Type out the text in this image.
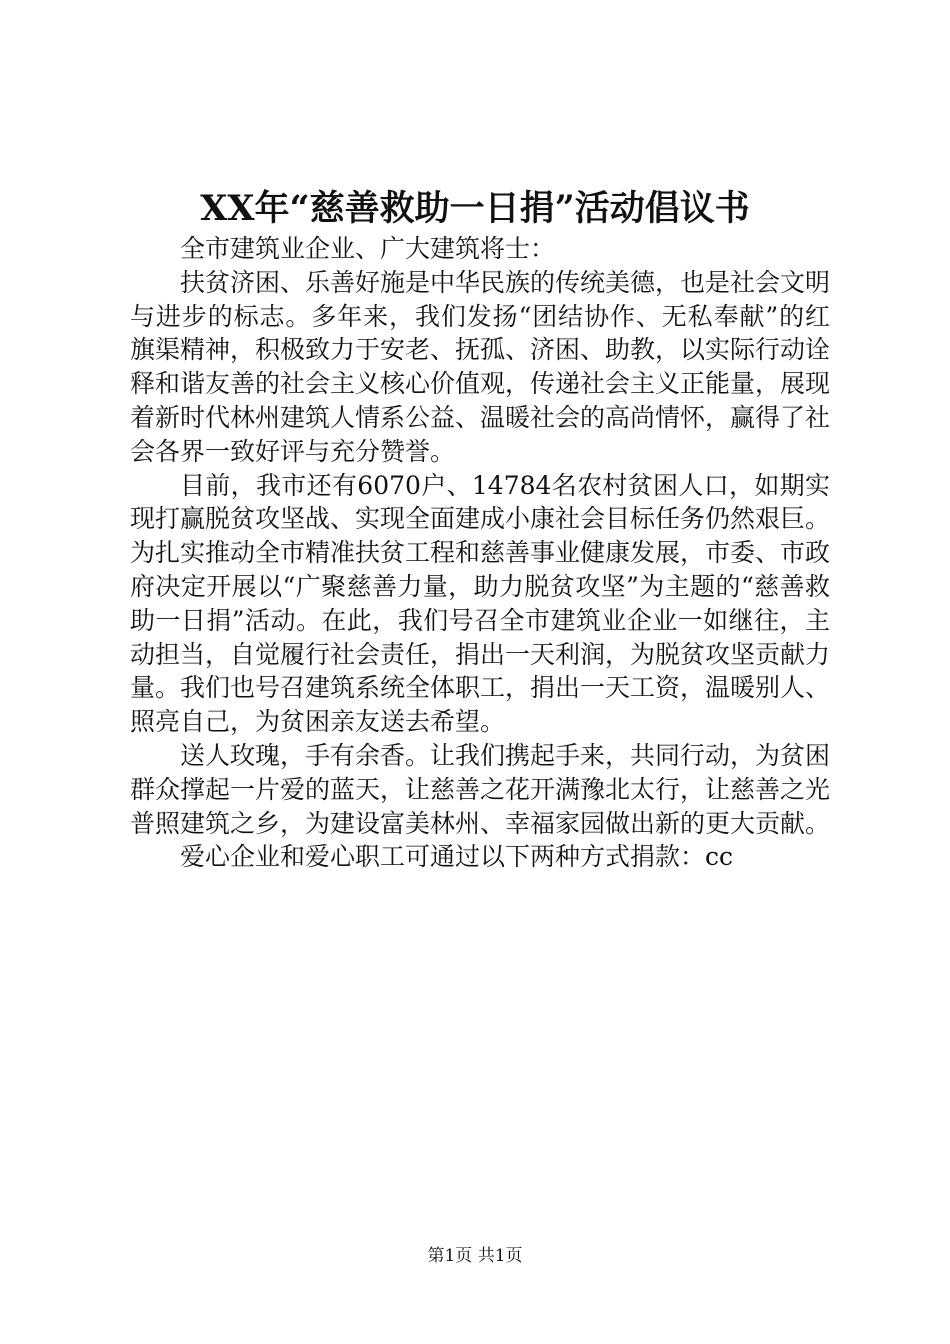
XX年“慈善救助一日捐”活动倡议书

全市建筑业企业、广大建筑将士：

扶贫济困、乐善好施是中华民族的传统美德，也是社会文明与进步的标志。多年来，我们发扬“团结协作、无私奉献”的红旗渠精神，积极致力于安老、抚孤、济困、助教，以实际行动诠释和谐友善的社会主义核心价值观，传递社会主义正能量，展现着新时代林州建筑人情系公益、温暖社会的高尚情怀，赢得了社会各界一致好评与充分赞誉。

目前，我市还有6070户、14784名农村贫困人口，如期实现打赢脱贫攻坚战、实现全面建成小康社会目标任务仍然艰巨。为扎实推动全市精准扶贫工程和慈善事业健康发展，市委、市政府决定开展以“广聚慈善力量，助力脱贫攻坚”为主题的“慈善救助一日捐”活动。在此，我们号召全市建筑业企业一如继往，主动担当，自觉履行社会责任，捐出一天利润，为脱贫攻坚贡献力量。我们也号召建筑系统全体职工，捐出一天工资，温暖别人、照亮自己，为贫困亲友送去希望。

送人玫瑰，手有余香。让我们携起手来，共同行动，为贫困群众撑起一片爱的蓝天，让慈善之花开满豫北太行，让慈善之光普照建筑之乡，为建设富美林州、幸福家园做出新的更大贡献。

爱心企业和爱心职工可通过以下两种方式捐款：cc

第1页 共1页
